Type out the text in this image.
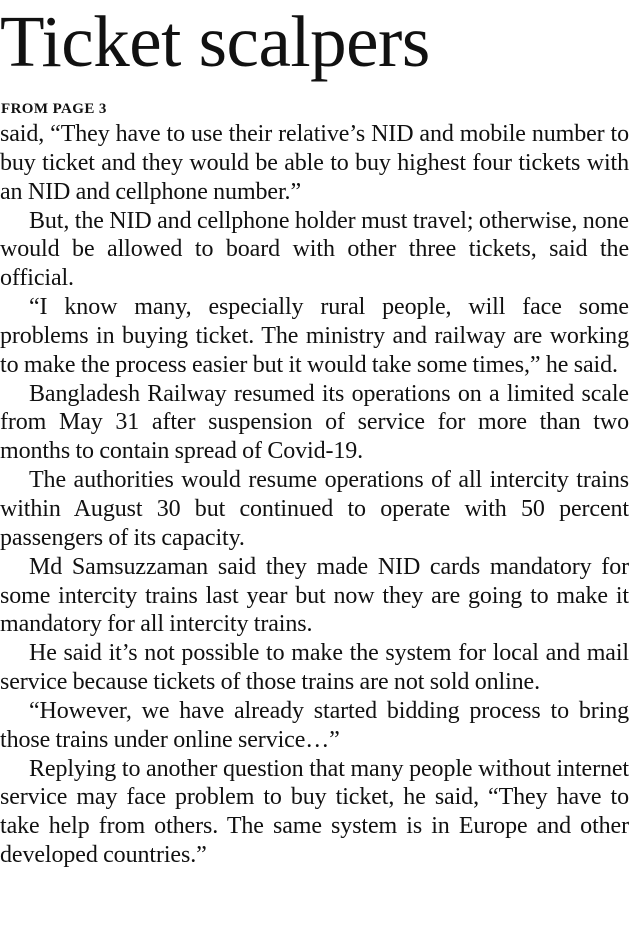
Ticket scalpers
FROM PAGE 3

said, “They have to use their relative’s NID and mobile number to buy ticket and they would be able to buy highest four tickets with an NID and cellphone number.”

But, the NID and cellphone holder must travel; otherwise, none would be allowed to board with other three tickets, said the official.

“I know many, especially rural people, will face some problems in buying ticket. The ministry and railway are working to make the process easier but it would take some times,” he said.

Bangladesh Railway resumed its operations on a limited scale from May 31 after suspension of service for more than two months to contain spread of Covid-19.

The authorities would resume operations of all intercity trains within August 30 but continued to operate with 50 percent passengers of its capacity.

Md Samsuzzaman said they made NID cards mandatory for some intercity trains last year but now they are going to make it mandatory for all intercity trains.

He said it’s not possible to make the system for local and mail service because tickets of those trains are not sold online.

“However, we have already started bidding process to bring those trains under online service…”

Replying to another question that many people without internet service may face problem to buy ticket, he said, “They have to take help from others. The same system is in Europe and other developed countries.”
